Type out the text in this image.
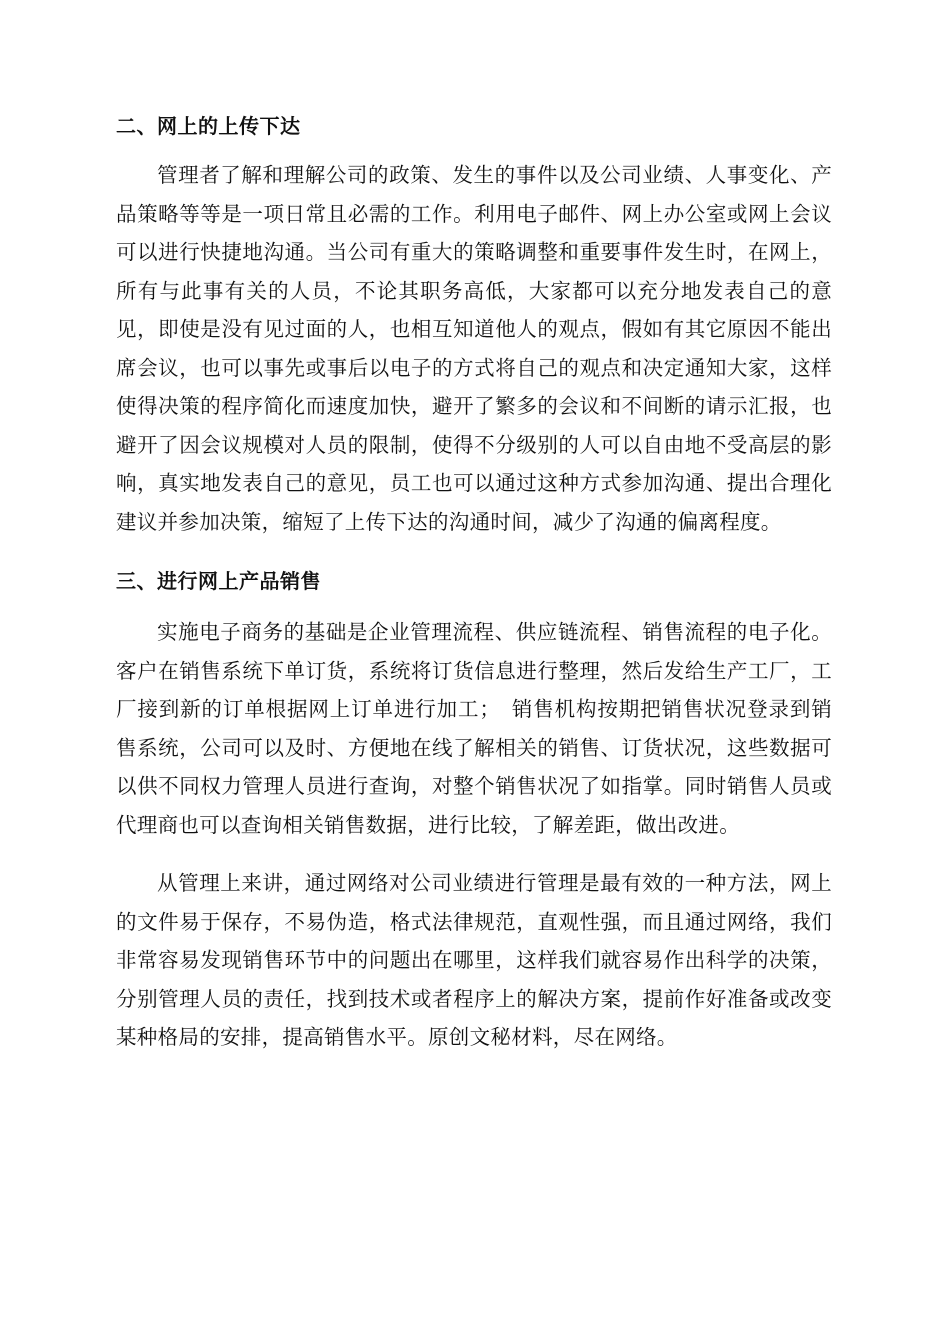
二、网上的上传下达

管理者了解和理解公司的政策、发生的事件以及公司业绩、人事变化、产品策略等等是一项日常且必需的工作。利用电子邮件、网上办公室或网上会议可以进行快捷地沟通。当公司有重大的策略调整和重要事件发生时，在网上，所有与此事有关的人员，不论其职务高低，大家都可以充分地发表自己的意见，即使是没有见过面的人，也相互知道他人的观点，假如有其它原因不能出席会议，也可以事先或事后以电子的方式将自己的观点和决定通知大家，这样使得决策的程序简化而速度加快，避开了繁多的会议和不间断的请示汇报，也避开了因会议规模对人员的限制，使得不分级别的人可以自由地不受高层的影响，真实地发表自己的意见，员工也可以通过这种方式参加沟通、提出合理化建议并参加决策，缩短了上传下达的沟通时间，减少了沟通的偏离程度。

三、进行网上产品销售

实施电子商务的基础是企业管理流程、供应链流程、销售流程的电子化。客户在销售系统下单订货，系统将订货信息进行整理，然后发给生产工厂，工厂接到新的订单根据网上订单进行加工；　销售机构按期把销售状况登录到销售系统，公司可以及时、方便地在线了解相关的销售、订货状况，这些数据可以供不同权力管理人员进行查询，对整个销售状况了如指掌。同时销售人员或代理商也可以查询相关销售数据，进行比较，了解差距，做出改进。

从管理上来讲，通过网络对公司业绩进行管理是最有效的一种方法，网上的文件易于保存，不易伪造，格式法律规范，直观性强，而且通过网络，我们非常容易发现销售环节中的问题出在哪里，这样我们就容易作出科学的决策，分别管理人员的责任，找到技术或者程序上的解决方案，提前作好准备或改变某种格局的安排，提高销售水平。原创文秘材料，尽在网络。
